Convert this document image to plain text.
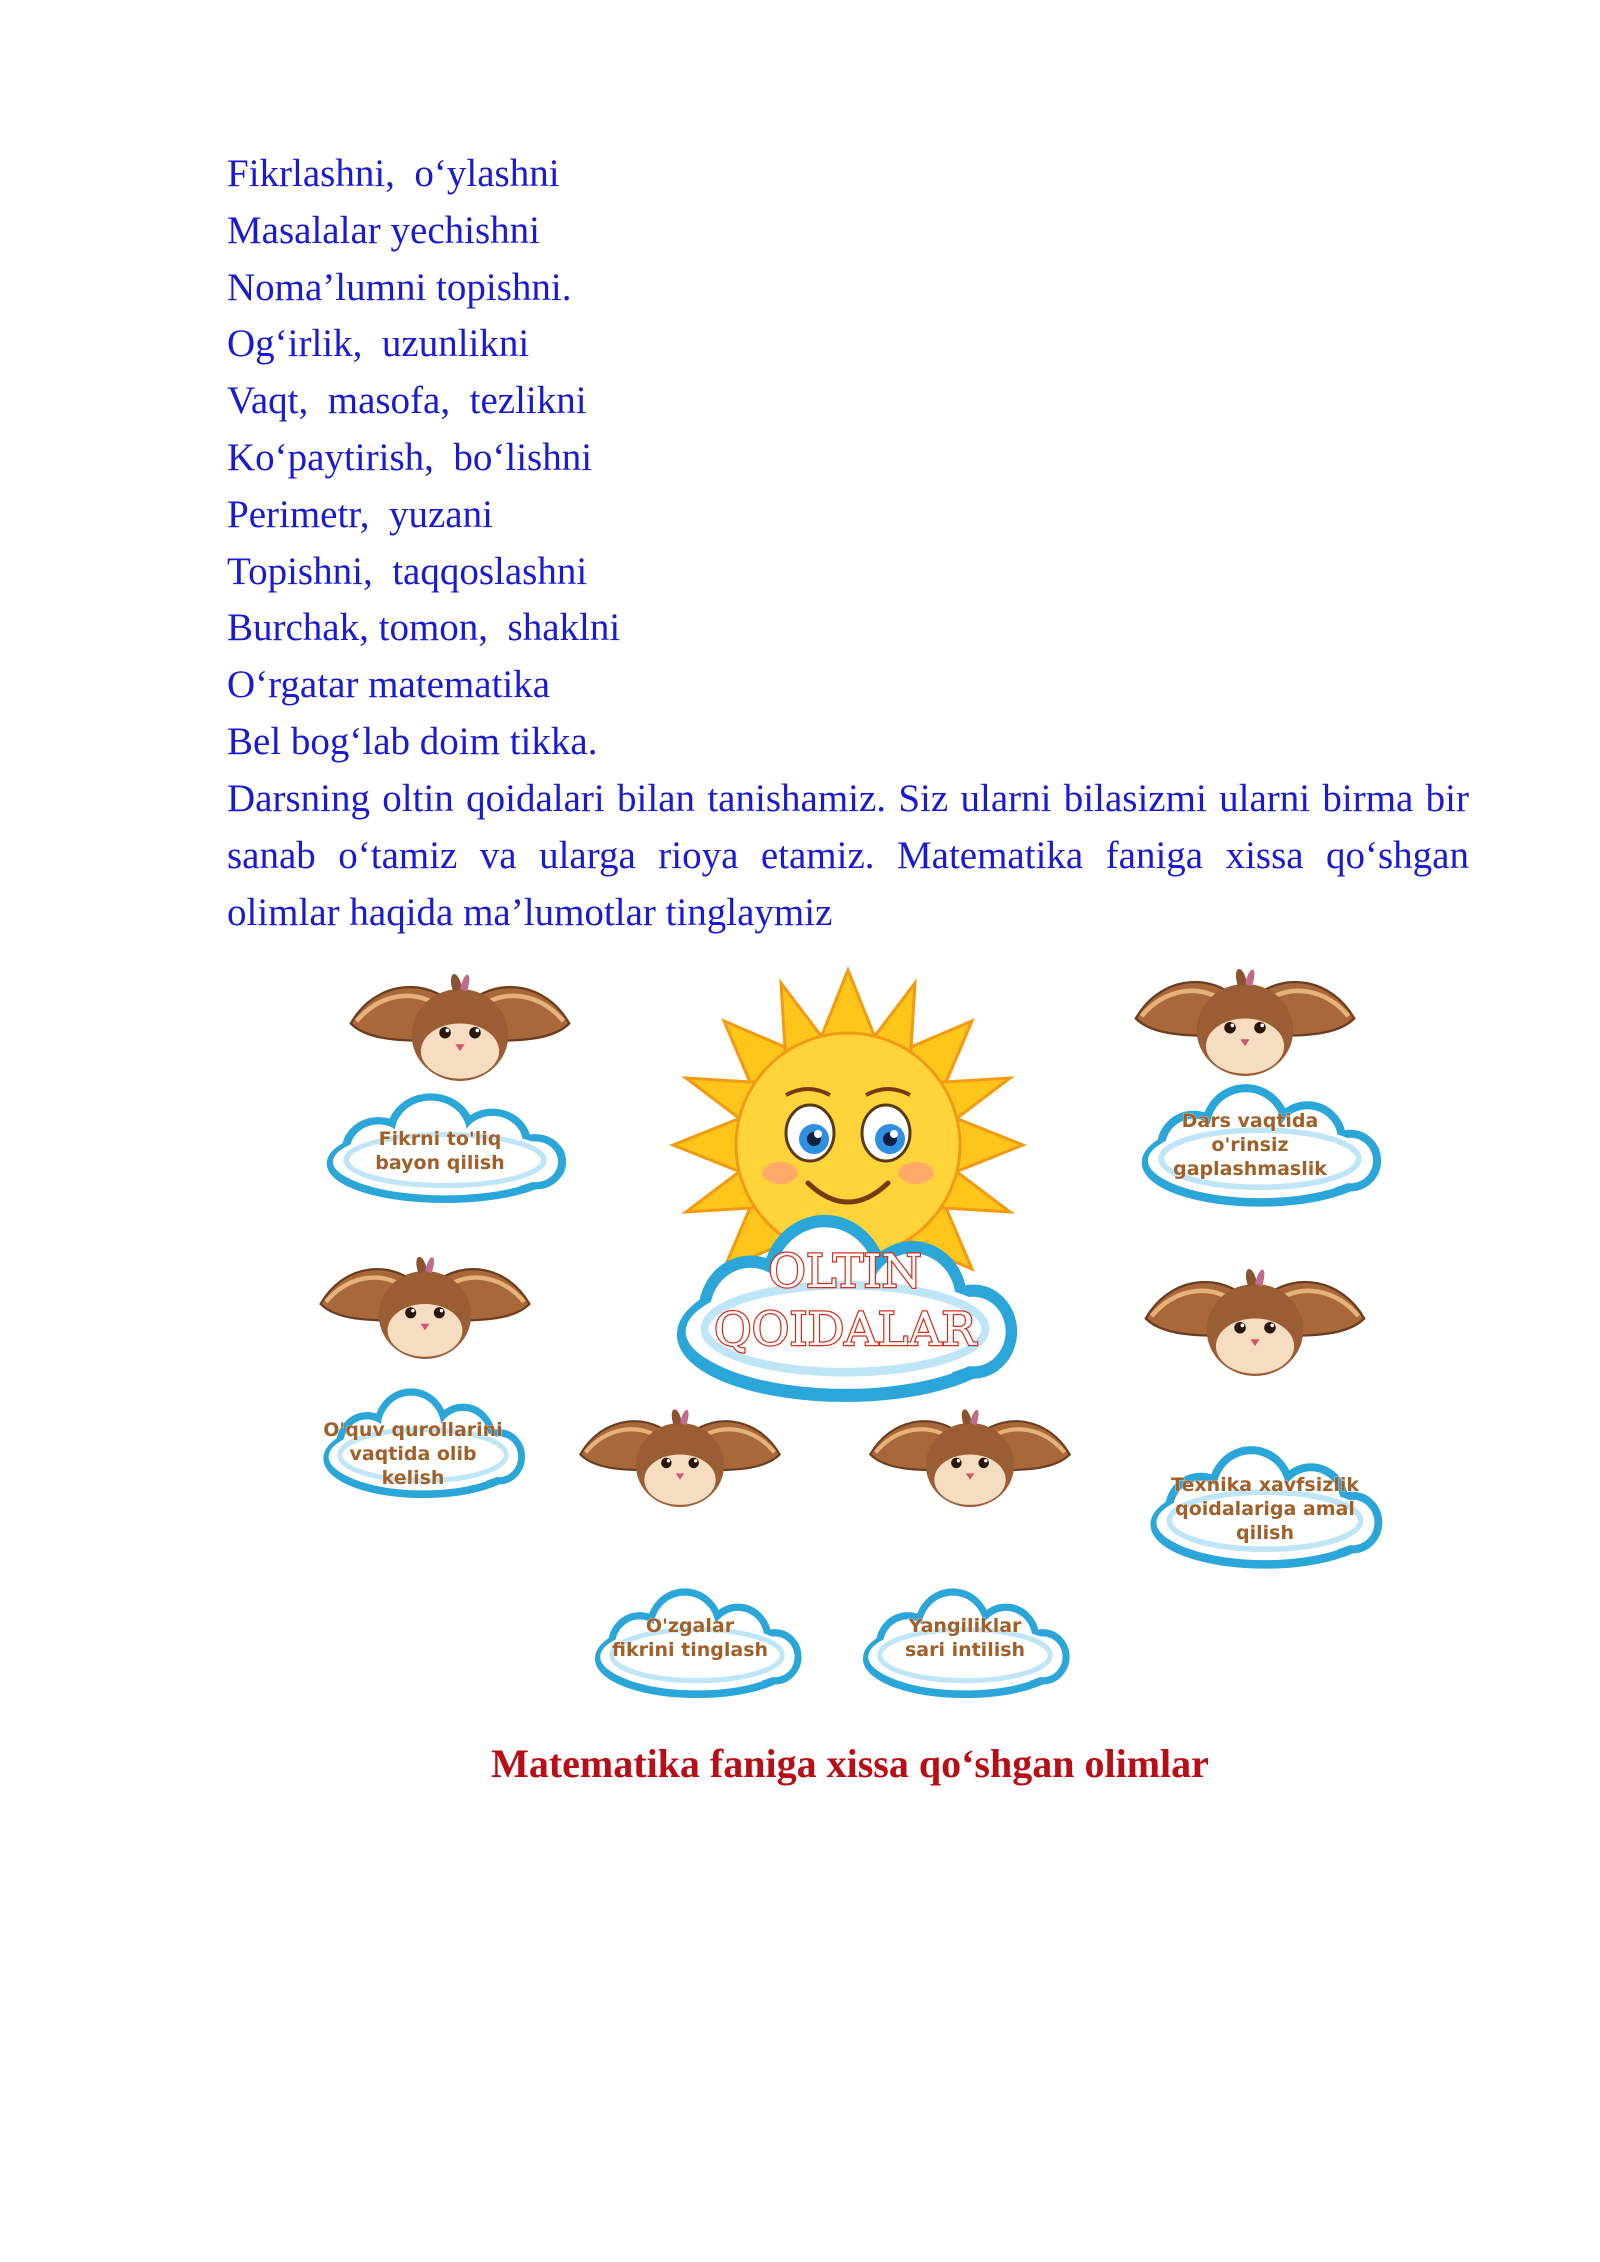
Fikrlashni,  o‘ylashni
Masalalar yechishni
Noma’lumni topishni.
Og‘irlik,  uzunlikni
Vaqt,  masofa,  tezlikni
Ko‘paytirish,  bo‘lishni
Perimetr,  yuzani
Topishni,  taqqoslashni
Burchak, tomon,  shaklni
O‘rgatar matematika
Bel bog‘lab doim tikka.
Darsning oltin qoidalari bilan tanishamiz. Siz ularni bilasizmi ularni birma bir sanab o‘tamiz va ularga rioya etamiz. Matematika faniga xissa qo‘shgan olimlar haqida ma’lumotlar tinglaymiz
OLTIN
QOIDALAR
Fikrni to'liq
bayon qilish
Dars vaqtida
o'rinsiz
gaplashmaslik
O'quv qurollarini
vaqtida olib
kelish	Texnika xavfsizlik
qoidalariga amal
qilish
O'zgalar
fikrini tinglash
Yangiliklar
sari intilish
Matematika faniga xissa qo‘shgan olimlar
